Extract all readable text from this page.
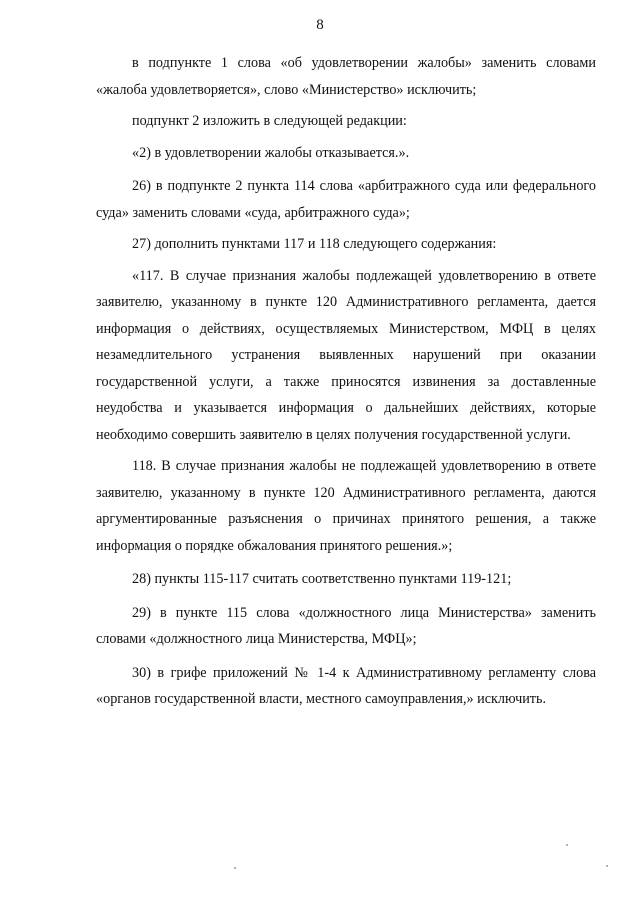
8

в подпункте 1 слова «об удовлетворении жалобы» заменить словами «жалоба удовлетворяется», слово «Министерство» исключить;

подпункт 2 изложить в следующей редакции:

«2) в удовлетворении жалобы отказывается.».

26) в подпункте 2 пункта 114 слова «арбитражного суда или федерального суда» заменить словами «суда, арбитражного суда»;

27) дополнить пунктами 117 и 118 следующего содержания:

«117. В случае признания жалобы подлежащей удовлетворению в ответе заявителю, указанному в пункте 120 Административного регламента, дается информация о действиях, осуществляемых Министерством, МФЦ в целях незамедлительного устранения выявленных нарушений при оказании государственной услуги, а также приносятся извинения за доставленные неудобства и указывается информация о дальнейших действиях, которые необходимо совершить заявителю в целях получения государственной услуги.

118. В случае признания жалобы не подлежащей удовлетворению в ответе заявителю, указанному в пункте 120 Административного регламента, даются аргументированные разъяснения о причинах принятого решения, а также информация о порядке обжалования принятого решения.»;

28) пункты 115-117 считать соответственно пунктами 119-121;

29) в пункте 115 слова «должностного лица Министерства» заменить словами «должностного лица Министерства, МФЦ»;

30) в грифе приложений № 1-4 к Административному регламенту слова «органов государственной власти, местного самоуправления,» исключить.
